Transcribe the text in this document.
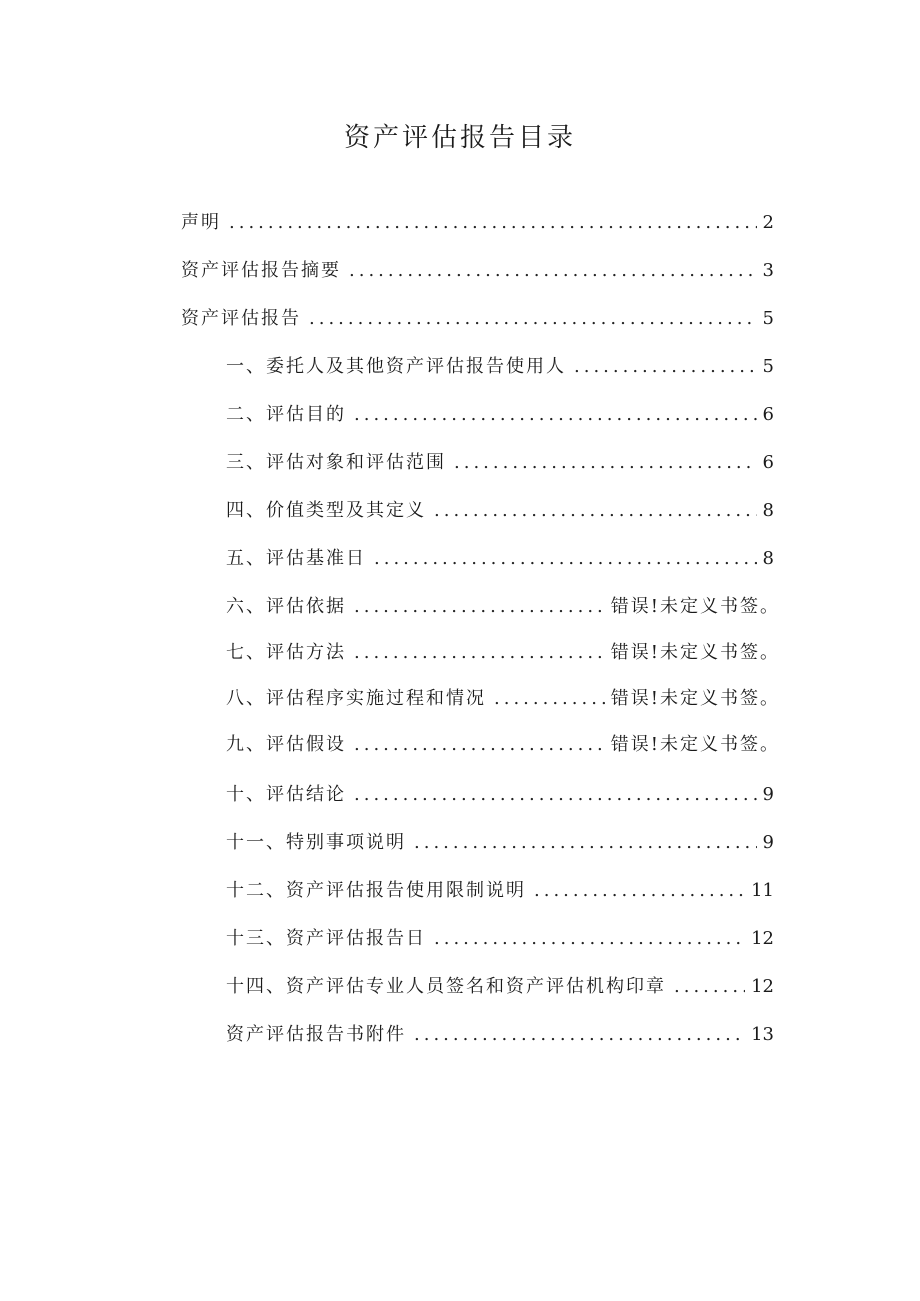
资产评估报告目录
声明 .....	2
资产评估报告摘要 .....	3
资产评估报告 .....	5
一、委托人及其他资产评估报告使用人 .....	5
二、评估目的 .....	6
三、评估对象和评估范围 .....	6
四、价值类型及其定义 .....	8
五、评估基准日 .....	8
六、评估依据 .....	错误!未定义书签。
七、评估方法 .....	错误!未定义书签。
八、评估程序实施过程和情况 .....	错误!未定义书签。
九、评估假设 .....	错误!未定义书签。
十、评估结论 .....	9
十一、特别事项说明 .....	9
十二、资产评估报告使用限制说明 .....	11
十三、资产评估报告日 .....	12
十四、资产评估专业人员签名和资产评估机构印章 .....	12
资产评估报告书附件 .....	13
